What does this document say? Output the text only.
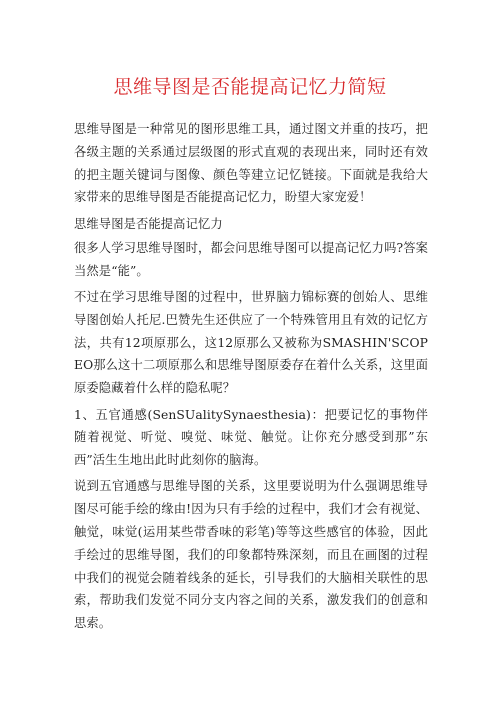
思维导图是否能提高记忆力简短

思维导图是一种常见的图形思维工具，通过图文并重的技巧，把各级主题的关系通过层级图的形式直观的表现出来，同时还有效的把主题关键词与图像、颜色等建立记忆链接。下面就是我给大家带来的思维导图是否能提高记忆力，盼望大家宠爱！

思维导图是否能提高记忆力

很多人学习思维导图时，都会问思维导图可以提高记忆力吗?答案当然是“能”。

不过在学习思维导图的过程中，世界脑力锦标赛的创始人、思维导图创始人托尼.巴赞先生还供应了一个特殊管用且有效的记忆方法，共有12项原那么，这12原那么又被称为SMASHIN'SCOPEO那么这十二项原那么和思维导图原委存在着什么关系，这里面原委隐藏着什么样的隐私呢？

1、五官通感(SenSUalitySynaesthesia)：把要记忆的事物伴随着视觉、听觉、嗅觉、味觉、触觉。让你充分感受到那”东西”活生生地出此时此刻你的脑海。

说到五官通感与思维导图的关系，这里要说明为什么强调思维导图尽可能手绘的缘由!因为只有手绘的过程中，我们才会有视觉、触觉，味觉(运用某些带香味的彩笔)等等这些感官的体验，因此手绘过的思维导图，我们的印象都特殊深刻，而且在画图的过程中我们的视觉会随着线条的延长，引导我们的大脑相关联性的思索，帮助我们发觉不同分支内容之间的关系，激发我们的创意和思索。
